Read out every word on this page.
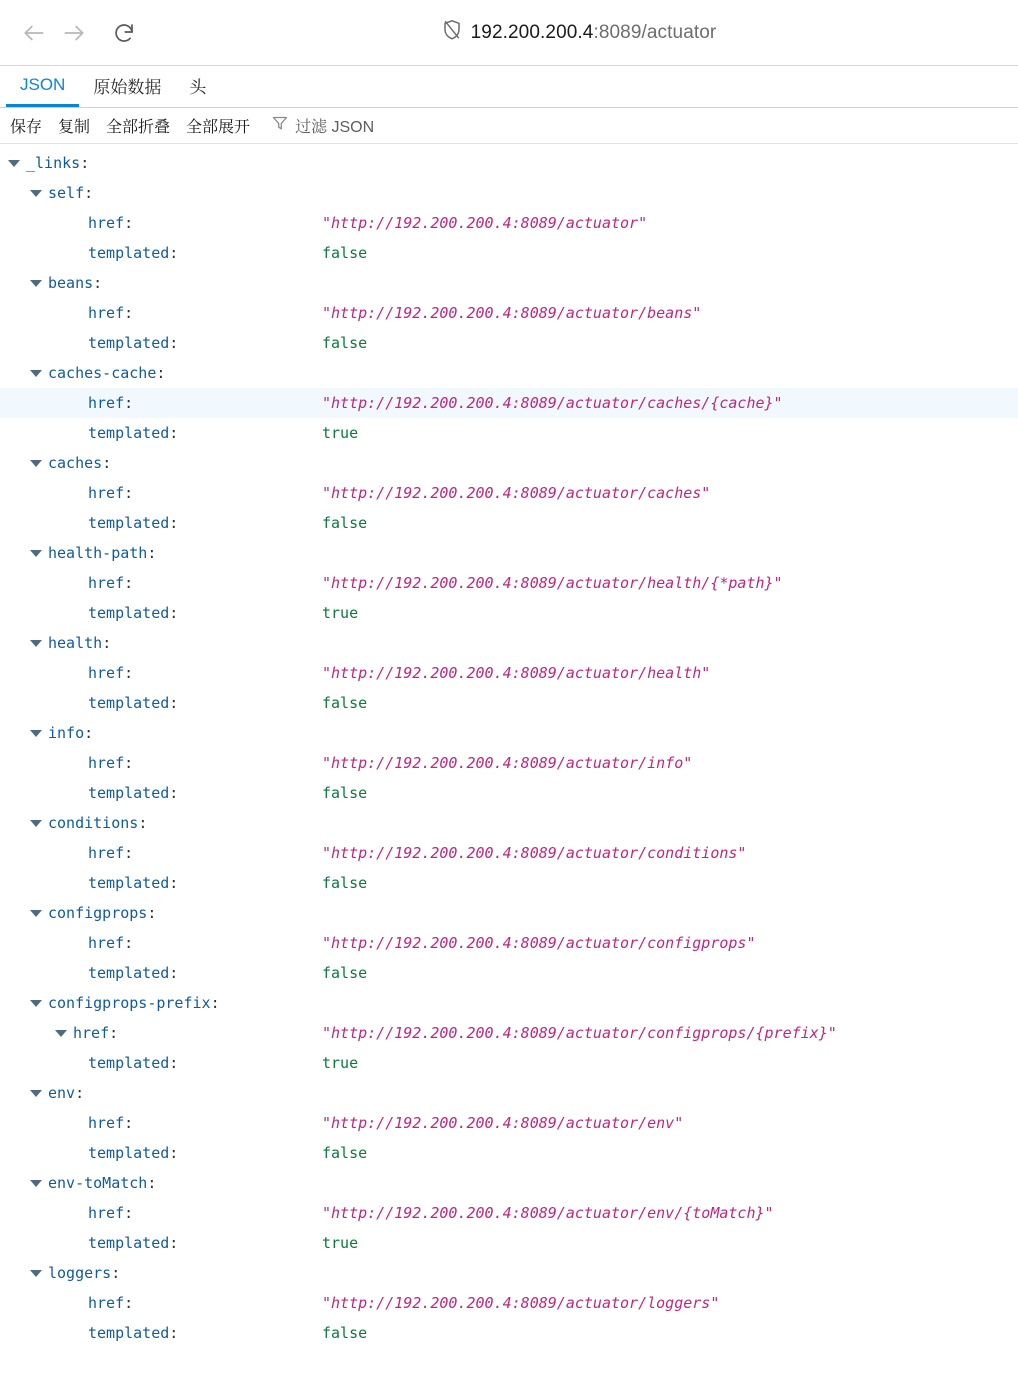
192.200.200.4:8089/actuator
JSON	原始数据	头
保存 复制 全部折叠 全部展开	过滤 JSON
_links :
self :
href :	"http://192.200.200.4:8089/actuator"
templated :	false
beans :
href :	"http://192.200.200.4:8089/actuator/beans"
templated :	false
caches-cache :
href :	"http://192.200.200.4:8089/actuator/caches/{cache}"
templated :	true
caches :
href :	"http://192.200.200.4:8089/actuator/caches"
templated :	false
health-path :
href :	"http://192.200.200.4:8089/actuator/health/{*path}"
templated :	true
health :
href :	"http://192.200.200.4:8089/actuator/health"
templated :	false
info :
href :	"http://192.200.200.4:8089/actuator/info"
templated :	false
conditions :
href :	"http://192.200.200.4:8089/actuator/conditions"
templated :	false
configprops :
href :	"http://192.200.200.4:8089/actuator/configprops"
templated :	false
configprops-prefix :
href :	"http://192.200.200.4:8089/actuator/configprops/{prefix}"
templated :	true
env :
href :	"http://192.200.200.4:8089/actuator/env"
templated :	false
env-toMatch :
href :	"http://192.200.200.4:8089/actuator/env/{toMatch}"
templated :	true
loggers :
href :	"http://192.200.200.4:8089/actuator/loggers"
templated :	false
